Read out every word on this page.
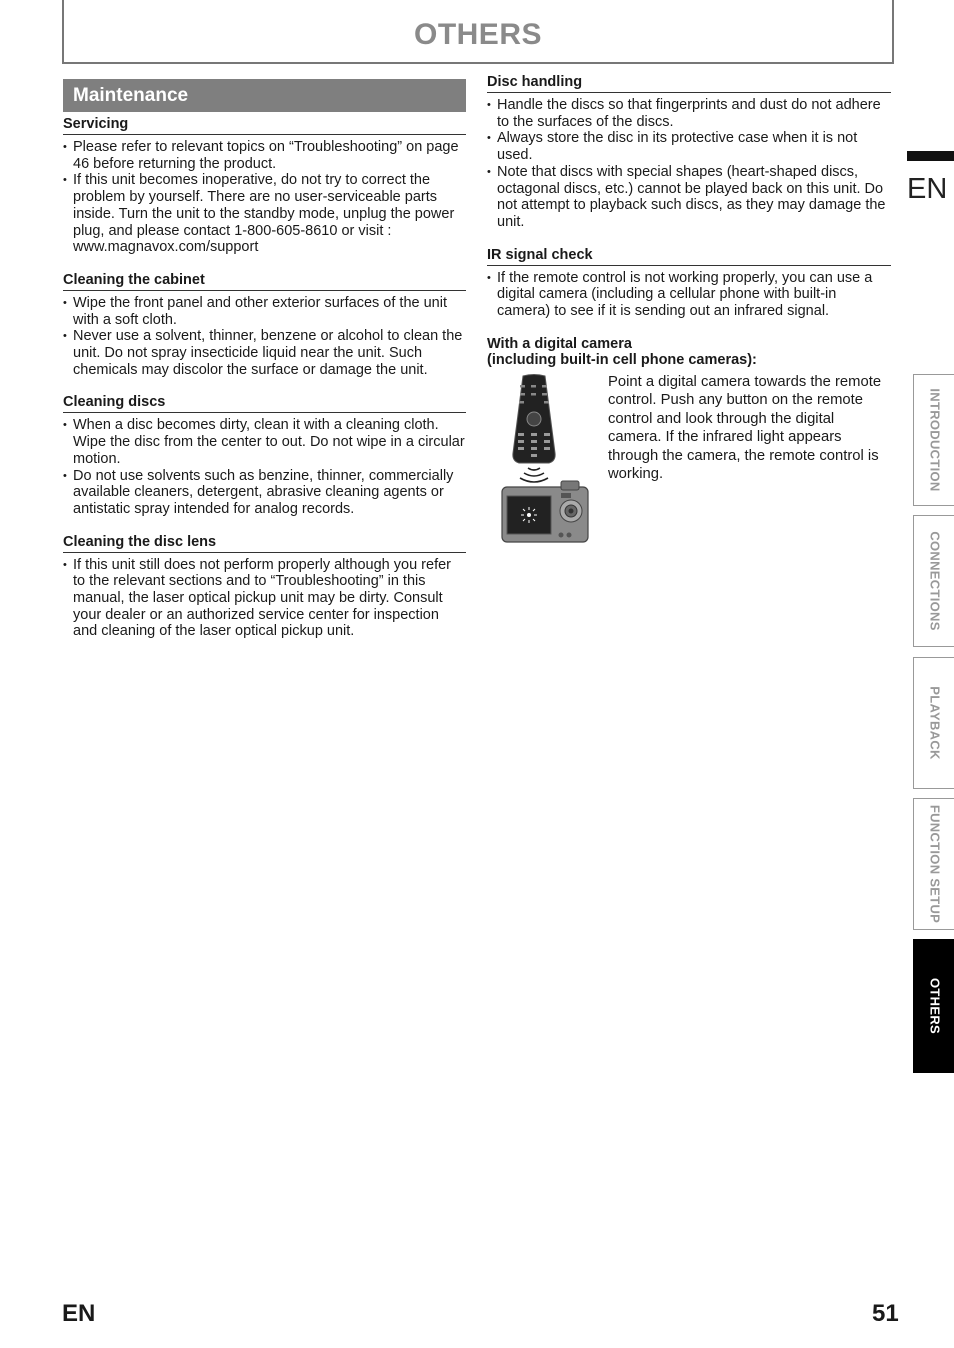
OTHERS
Maintenance
Servicing
• Please refer to relevant topics on “Troubleshooting” on page 46 before returning the product.
• If this unit becomes inoperative, do not try to correct the problem by yourself. There are no user-serviceable parts inside. Turn the unit to the standby mode, unplug the power plug, and please contact 1-800-605-8610 or visit : www.magnavox.com/support
Cleaning the cabinet
• Wipe the front panel and other exterior surfaces of the unit with a soft cloth.
• Never use a solvent, thinner, benzene or alcohol to clean the unit. Do not spray insecticide liquid near the unit. Such chemicals may discolor the surface or damage the unit.
Cleaning discs
• When a disc becomes dirty, clean it with a cleaning cloth. Wipe the disc from the center to out. Do not wipe in a circular motion.
• Do not use solvents such as benzine, thinner, commercially available cleaners, detergent, abrasive cleaning agents or antistatic spray intended for analog records.
Cleaning the disc lens
• If this unit still does not perform properly although you refer to the relevant sections and to “Troubleshooting” in this manual, the laser optical pickup unit may be dirty. Consult your dealer or an authorized service center for inspection and cleaning of the laser optical pickup unit.
Disc handling
• Handle the discs so that fingerprints and dust do not adhere to the surfaces of the discs.
• Always store the disc in its protective case when it is not used.
• Note that discs with special shapes (heart-shaped discs, octagonal discs, etc.) cannot be played back on this unit. Do not attempt to playback such discs, as they may damage the unit.
IR signal check
• If the remote control is not working properly, you can use a digital camera (including a cellular phone with built-in camera) to see if it is sending out an infrared signal.
With a digital camera
(including built-in cell phone cameras):
Point a digital camera towards the remote control. Push any button on the remote control and look through the digital camera. If the infrared light appears through the camera, the remote control is working.
EN
INTRODUCTION
CONNECTIONS
PLAYBACK
FUNCTION SETUP
OTHERS
EN	51
